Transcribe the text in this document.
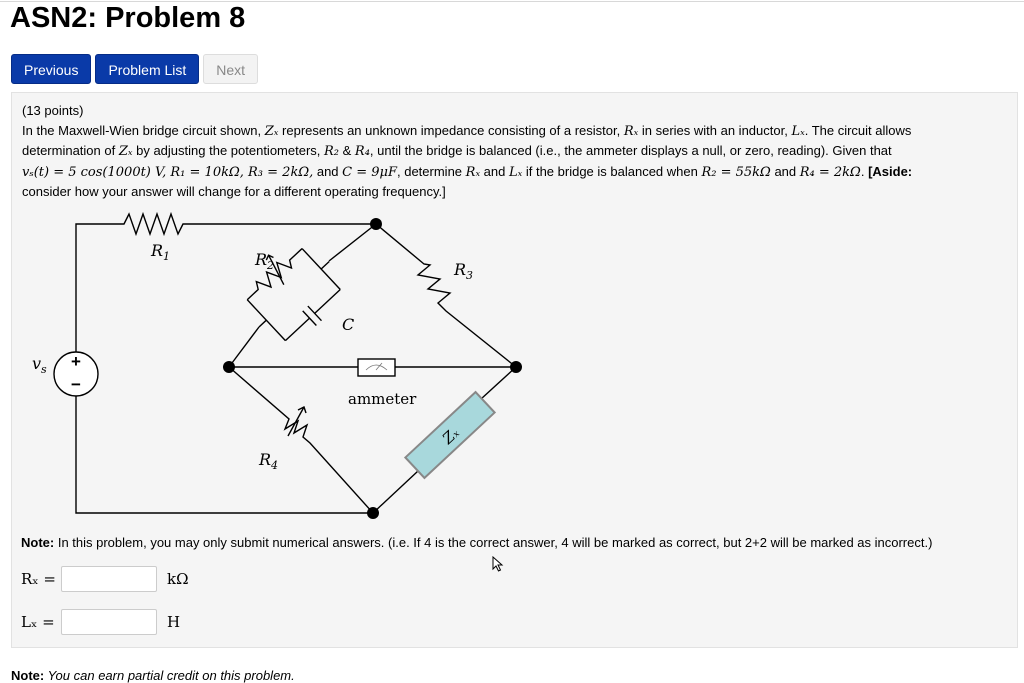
ASN2: Problem 8
Previous	Problem List	Next

(13 points)

In the Maxwell-Wien bridge circuit shown, Zₓ represents an unknown impedance consisting of a resistor, Rₓ in series with an inductor, Lₓ. The circuit allows
determination of Zₓ by adjusting the potentiometers, R₂ & R₄, until the bridge is balanced (i.e., the ammeter displays a null, or zero, reading). Given that
vₛ(t) = 5 cos(1000t) V, R₁ = 10kΩ, R₃ = 2kΩ, and C = 9μF, determine Rₓ and Lₓ if the bridge is balanced when R₂ = 55kΩ and R₄ = 2kΩ. [Aside:
consider how your answer will change for a different operating frequency.]

Zₓ
+
−
$R_1$	$R_2$	$R_3$
$R_4$
C
$v_s$
ammeter
Note: In this problem, you may only submit numerical answers. (i.e. If 4 is the correct answer, 4 will be marked as correct, but 2+2 will be marked as incorrect.)
Rₓ =	kΩ
Lₓ =	H
Note: You can earn partial credit on this problem.
